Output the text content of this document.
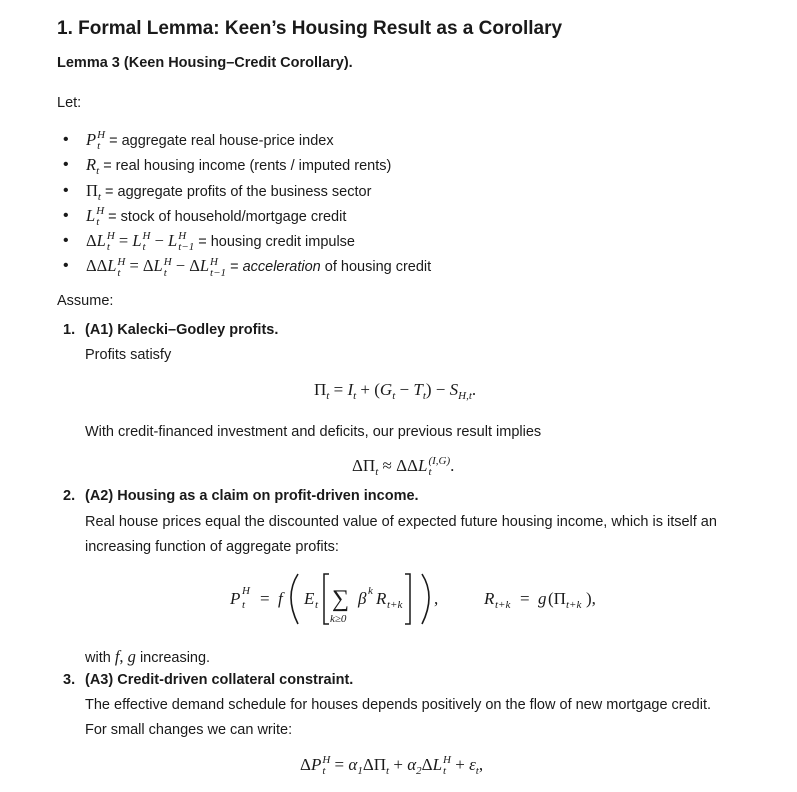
1. Formal Lemma: Keen’s Housing Result as a Corollary
Lemma 3 (Keen Housing–Credit Corollary).
Let:
• P H
t = aggregate real house-price index
• $R_t$ = real housing income (rents / imputed rents)
• $\Pi_t$ = aggregate profits of the business sector
• L H
t = stock of household/mortgage credit
• ΔL H
t = L H
t − L H
t−1 = housing credit impulse
• ΔΔL H
t = ΔL H
t − ΔL H
t−1 = acceleration of housing credit
Assume:
1. (A1) Kalecki–Godley profits.
Profits satisfy
$\Pi_t = I_t + (G_t - T_t) - S_{H,t}$.
With credit-financed investment and deficits, our previous result implies
$\Delta\Pi_t \approx \Delta\Delta L$ (I,G)
t	.
2. (A2) Housing as a claim on profit-driven income.
Real house prices equal the discounted value of expected future housing income, which is itself an
increasing function of aggregate profits:
P H
t = f E t ∑
k≥0
β k R t+k ,	R t+k = g (Π t+k ),
with f, g increasing.
3. (A3) Credit-driven collateral constraint.
The effective demand schedule for houses depends positively on the flow of new mortgage credit.
For small changes we can write:
ΔP H
$t = \alpha_1\Delta\Pi_t + \alpha_2\Delta L$ H
$t + \varepsilon_t$,
